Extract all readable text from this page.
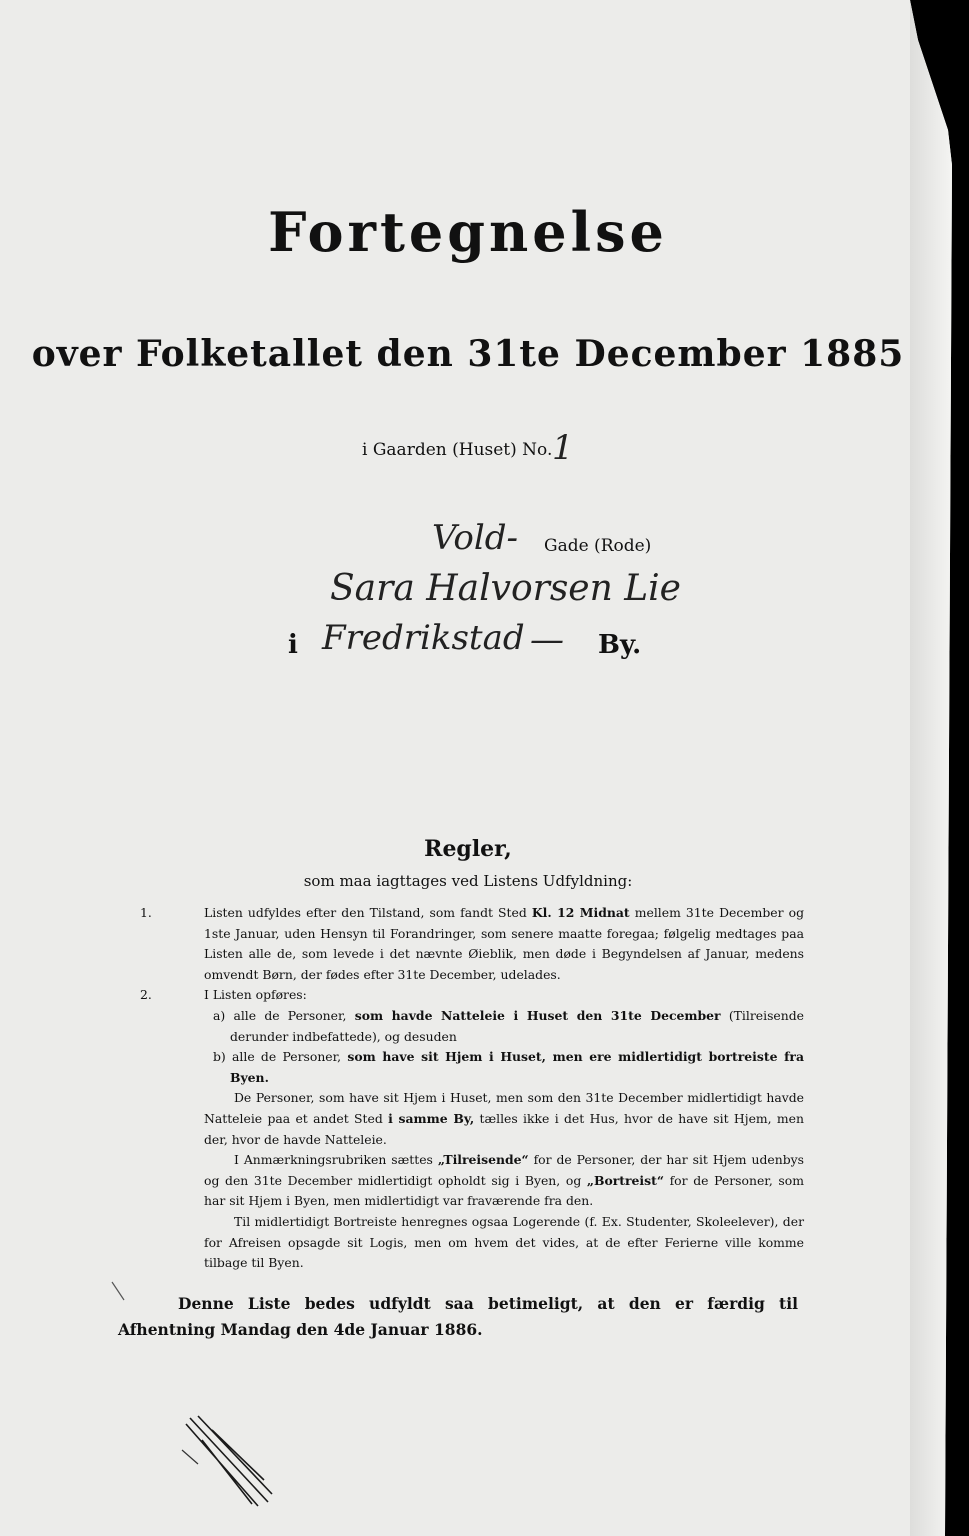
Fortegnelse
over Folketallet den 31te December 1885
i Gaarden (Huset) No. 1
Vold- Gade (Rode)
Sara Halvorsen Lie
i Fredrikstad — By.
Regler,
som maa iagttages ved Listens Udfyldning:

1.	Listen udfyldes efter den Tilstand, som fandt Sted Kl. 12 Midnat mellem 31te December og 1ste Januar, uden Hensyn til Forandringer, som senere maatte foregaa; følgelig medtages paa Listen alle de, som levede i det nævnte Øieblik, men døde i Begyndelsen af Januar, medens omvendt Børn, der fødes efter 31te December, udelades.

2.	I Listen opføres:

a) alle de Personer, som havde Natteleie i Huset den 31te December (Tilreisende derunder indbefattede), og desuden

b) alle de Personer, som have sit Hjem i Huset, men ere midlertidigt bortreiste fra Byen.

De Personer, som have sit Hjem i Huset, men som den 31te December midlertidigt havde Natteleie paa et andet Sted i samme By, tælles ikke i det Hus, hvor de have sit Hjem, men der, hvor de havde Natteleie.

I Anmærkningsrubriken sættes „Tilreisende“ for de Personer, der har sit Hjem udenbys og den 31te December midlertidigt opholdt sig i Byen, og „Bortreist“ for de Personer, som har sit Hjem i Byen, men midlertidigt var fraværende fra den.

Til midlertidigt Bortreiste henregnes ogsaa Logerende (f. Ex. Studenter, Skoleelever), der for Afreisen opsagde sit Logis, men om hvem det vides, at de efter Ferierne ville komme tilbage til Byen.

Denne Liste bedes udfyldt saa betimeligt, at den er færdig til Afhentning Mandag den 4de Januar 1886.
